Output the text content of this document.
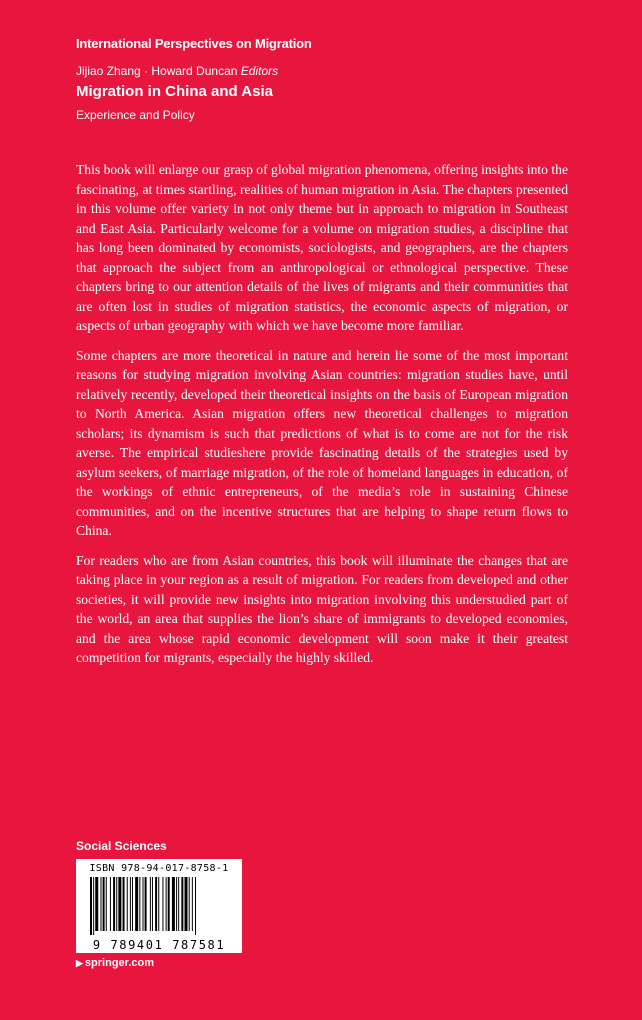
International Perspectives on Migration
Jijiao Zhang · Howard Duncan Editors
Migration in China and Asia
Experience and Policy

This book will enlarge our grasp of global migration phenomena, offering insights into the fascinating, at times startling, realities of human migration in Asia. The chapters presented in this volume offer variety in not only theme but in approach to migration in Southeast and East Asia. Particularly welcome for a volume on migration studies, a discipline that has long been dominated by economists, sociologists, and geographers, are the chapters that approach the subject from an anthropological or ethnological perspective. These chapters bring to our attention details of the lives of migrants and their communities that are often lost in studies of migration statistics, the economic aspects of migration, or aspects of urban geography with which we have become more familiar.

Some chapters are more theoretical in nature and herein lie some of the most important reasons for studying migration involving Asian countries: migration studies have, until relatively recently, developed their theoretical insights on the basis of European migration to North America. Asian migration offers new theoretical challenges to migration scholars; its dynamism is such that predictions of what is to come are not for the risk averse. The empirical studieshere provide fascinating details of the strategies used by asylum seekers, of marriage migration, of the role of homeland languages in education, of the workings of ethnic entrepreneurs, of the media’s role in sustaining Chinese communities, and on the incentive structures that are helping to shape return flows to China.

For readers who are from Asian countries, this book will illuminate the changes that are taking place in your region as a result of migration. For readers from developed and other societies, it will provide new insights into migration involving this understudied part of the world, an area that supplies the lion’s share of immigrants to developed economies, and the area whose rapid economic development will soon make it their greatest competition for migrants, especially the highly skilled.

Social Sciences
ISBN 978-94-017-8758-1
9 789401 787581
▶ springer.com
